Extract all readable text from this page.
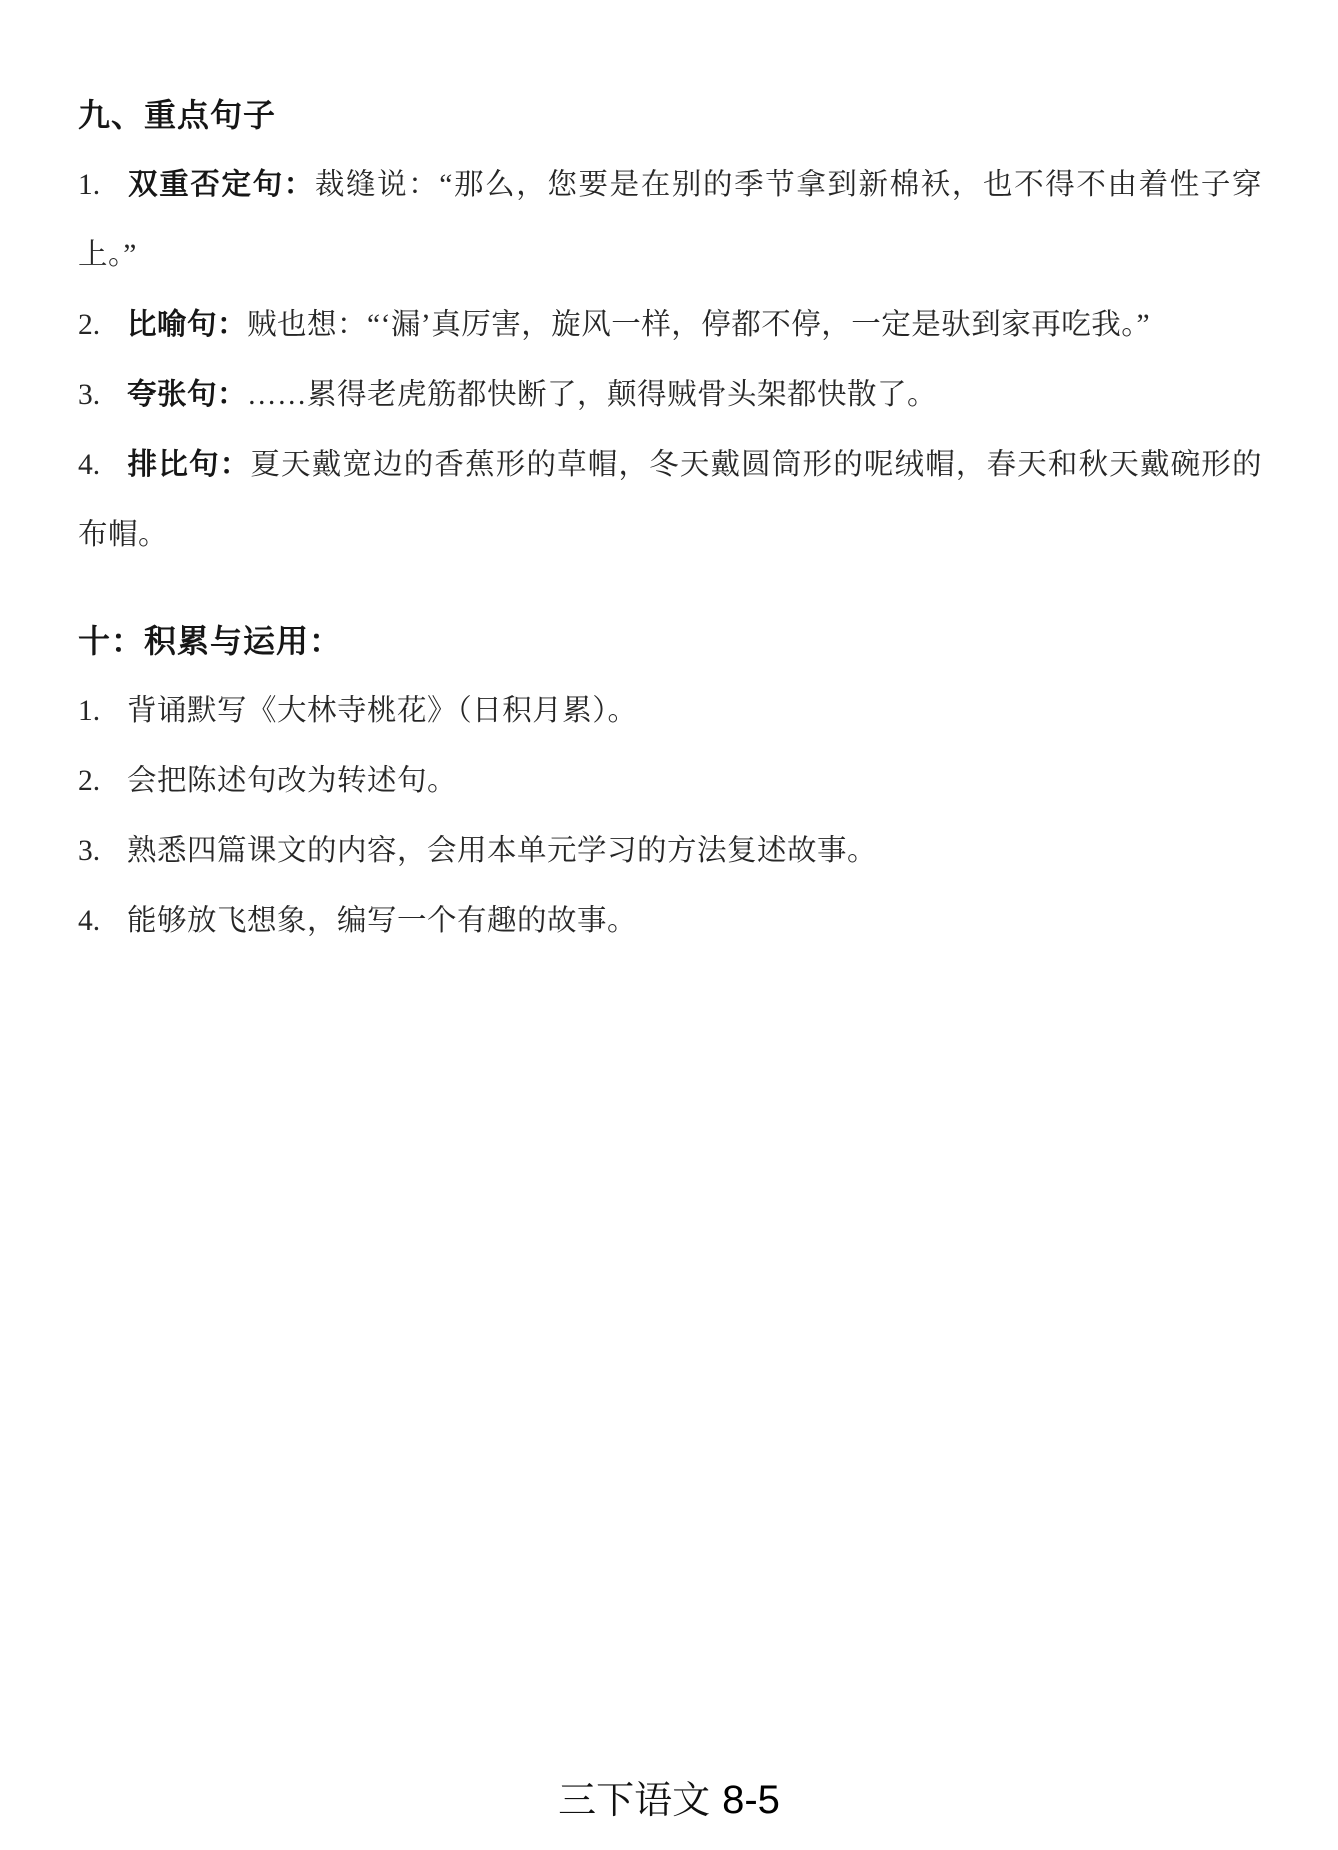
九、重点句子

1. 双重否定句：裁缝说：“那么，您要是在别的季节拿到新棉袄，也不得不由着性子穿上。”

2. 比喻句：贼也想：“‘漏’真厉害，旋风一样，停都不停，一定是驮到家再吃我。”

3. 夸张句：……累得老虎筋都快断了，颠得贼骨头架都快散了。

4. 排比句：夏天戴宽边的香蕉形的草帽，冬天戴圆筒形的呢绒帽，春天和秋天戴碗形的布帽。

十：积累与运用：

1. 背诵默写《大林寺桃花》（日积月累）。

2. 会把陈述句改为转述句。

3. 熟悉四篇课文的内容，会用本单元学习的方法复述故事。

4. 能够放飞想象，编写一个有趣的故事。

三下语文 8-5
